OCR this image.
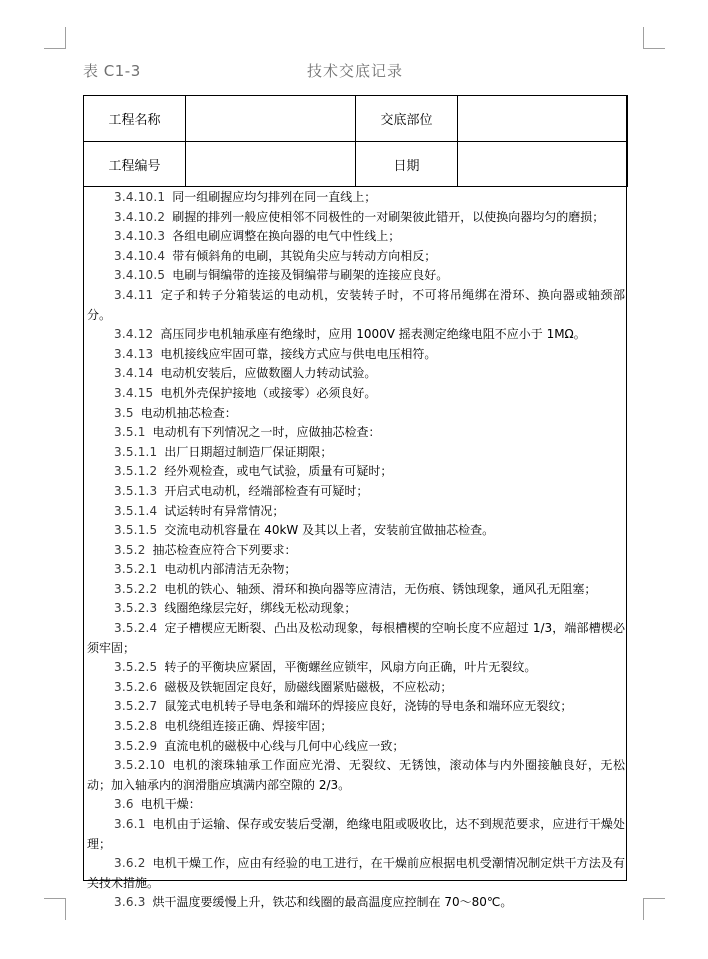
表 C1-3	技术交底记录
工程名称		交底部位	
工程编号		日期	

3.4.10.1 同一组刷握应均匀排列在同一直线上；

3.4.10.2 刷握的排列一般应使相邻不同极性的一对刷架彼此错开，以使换向器均匀的磨损；

3.4.10.3 各组电刷应调整在换向器的电气中性线上；

3.4.10.4 带有倾斜角的电刷，其锐角尖应与转动方向相反；

3.4.10.5 电刷与铜编带的连接及铜编带与刷架的连接应良好。

3.4.11 定子和转子分箱装运的电动机，安装转子时，不可将吊绳绑在滑环、换向器或轴颈部分。

3.4.12 高压同步电机轴承座有绝缘时，应用 1000V 摇表测定绝缘电阻不应小于 1MΩ。

3.4.13 电机接线应牢固可靠，接线方式应与供电电压相符。

3.4.14 电动机安装后，应做数圈人力转动试验。

3.4.15 电机外壳保护接地（或接零）必须良好。

3.5 电动机抽芯检查：

3.5.1 电动机有下列情况之一时，应做抽芯检查：

3.5.1.1 出厂日期超过制造厂保证期限；

3.5.1.2 经外观检查，或电气试验，质量有可疑时；

3.5.1.3 开启式电动机，经端部检查有可疑时；

3.5.1.4 试运转时有异常情况；

3.5.1.5 交流电动机容量在 40kW 及其以上者，安装前宜做抽芯检查。

3.5.2 抽芯检查应符合下列要求：

3.5.2.1 电动机内部清洁无杂物；

3.5.2.2 电机的铁心、轴颈、滑环和换向器等应清洁，无伤痕、锈蚀现象，通风孔无阻塞；

3.5.2.3 线圈绝缘层完好，绑线无松动现象；

3.5.2.4 定子槽楔应无断裂、凸出及松动现象，每根槽楔的空响长度不应超过 1/3，端部槽楔必须牢固；

3.5.2.5 转子的平衡块应紧固，平衡螺丝应锁牢，风扇方向正确，叶片无裂纹。

3.5.2.6 磁极及铁轭固定良好，励磁线圈紧贴磁极，不应松动；

3.5.2.7 鼠笼式电机转子导电条和端环的焊接应良好，浇铸的导电条和端环应无裂纹；

3.5.2.8 电机绕组连接正确、焊接牢固；

3.5.2.9 直流电机的磁极中心线与几何中心线应一致；

3.5.2.10 电机的滚珠轴承工作面应光滑、无裂纹、无锈蚀，滚动体与内外圈接触良好，无松动；加入轴承内的润滑脂应填满内部空隙的 2/3。

3.6 电机干燥：

3.6.1 电机由于运输、保存或安装后受潮，绝缘电阻或吸收比，达不到规范要求，应进行干燥处理；

3.6.2 电机干燥工作，应由有经验的电工进行，在干燥前应根据电机受潮情况制定烘干方法及有关技术措施。

3.6.3 烘干温度要缓慢上升，铁芯和线圈的最高温度应控制在 70～80℃。
